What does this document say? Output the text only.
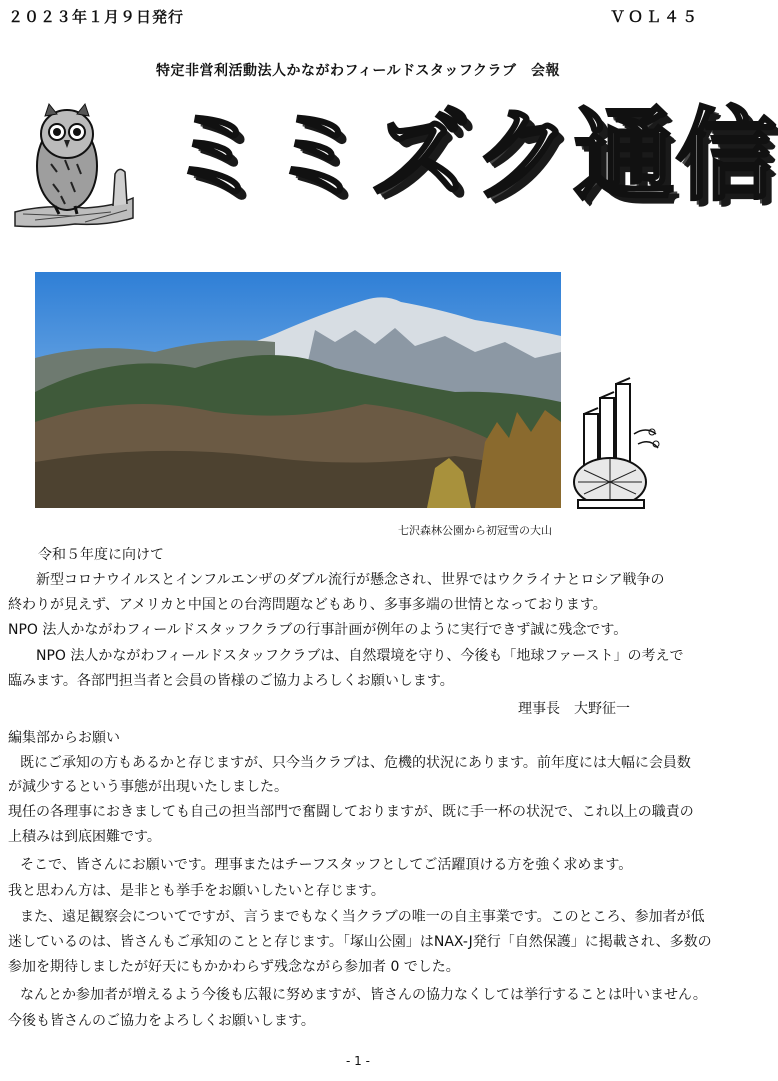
２０２３年１月９日発行	ＶＯＬ４５
特定非営利活動法人かながわフィールドスタッフクラブ　会報
ミミズク通信
七沢森林公園から初冠雪の大山
令和５年度に向けて
新型コロナウイルスとインフルエンザのダブル流行が懸念され、世界ではウクライナとロシア戦争の
終わりが見えず、アメリカと中国との台湾問題などもあり、多事多端の世情となっております。
NPO 法人かながわフィールドスタッフクラブの行事計画が例年のように実行できず誠に残念です。
NPO 法人かながわフィールドスタッフクラブは、自然環境を守り、今後も「地球ファースト」の考えで
臨みます。各部門担当者と会員の皆様のご協力よろしくお願いします。
理事長　大野征一
編集部からお願い
既にご承知の方もあるかと存じますが、只今当クラブは、危機的状況にあります。前年度には大幅に会員数
が減少するという事態が出現いたしました。
現任の各理事におきましても自己の担当部門で奮闘しておりますが、既に手一杯の状況で、これ以上の職責の
上積みは到底困難です。
そこで、皆さんにお願いです。理事またはチーフスタッフとしてご活躍頂ける方を強く求めます。
我と思わん方は、是非とも挙手をお願いしたいと存じます。
また、遠足観察会についてですが、言うまでもなく当クラブの唯一の自主事業です。このところ、参加者が低
迷しているのは、皆さんもご承知のことと存じます。「塚山公園」はNAX-J発行「自然保護」に掲載され、多数の
参加を期待しましたが好天にもかかわらず残念ながら参加者 0 でした。
なんとか参加者が増えるよう今後も広報に努めますが、皆さんの協力なくしては挙行することは叶いません。
今後も皆さんのご協力をよろしくお願いします。
- 1 -
